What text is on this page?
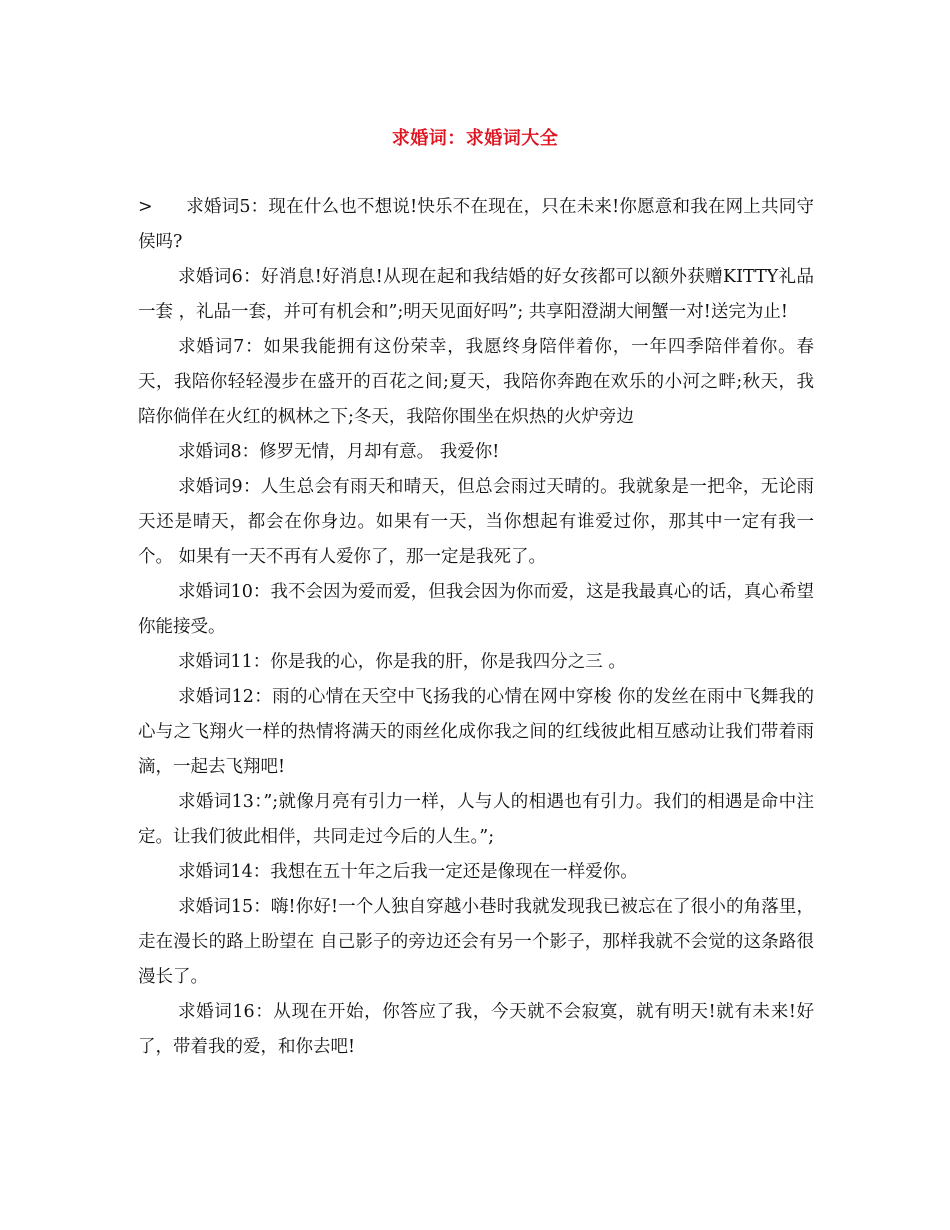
求婚词：求婚词大全

> 求婚词5：现在什么也不想说!快乐不在现在，只在未来!你愿意和我在网上共同守侯吗?

求婚词6：好消息!好消息!从现在起和我结婚的好女孩都可以额外获赠KITTY礼品一套 ，礼品一套，并可有机会和”;明天见面好吗”; 共享阳澄湖大闸蟹一对!送完为止!

求婚词7：如果我能拥有这份荣幸，我愿终身陪伴着你，一年四季陪伴着你。春天，我陪你轻轻漫步在盛开的百花之间;夏天，我陪你奔跑在欢乐的小河之畔;秋天，我陪你倘佯在火红的枫林之下;冬天，我陪你围坐在炽热的火炉旁边

求婚词8：修罗无情，月却有意。 我爱你!

求婚词9：人生总会有雨天和晴天，但总会雨过天晴的。我就象是一把伞，无论雨天还是晴天，都会在你身边。如果有一天，当你想起有谁爱过你，那其中一定有我一个。 如果有一天不再有人爱你了，那一定是我死了。

求婚词10：我不会因为爱而爱，但我会因为你而爱，这是我最真心的话，真心希望你能接受。

求婚词11：你是我的心，你是我的肝，你是我四分之三 。

求婚词12：雨的心情在天空中飞扬我的心情在网中穿梭 你的发丝在雨中飞舞我的心与之飞翔火一样的热情将满天的雨丝化成你我之间的红线彼此相互感动让我们带着雨滴，一起去飞翔吧!

求婚词13：”;就像月亮有引力一样，人与人的相遇也有引力。我们的相遇是命中注定。让我们彼此相伴，共同走过今后的人生。”;

求婚词14：我想在五十年之后我一定还是像现在一样爱你。

求婚词15：嗨!你好!一个人独自穿越小巷时我就发现我已被忘在了很小的角落里，走在漫长的路上盼望在 自己影子的旁边还会有另一个影子，那样我就不会觉的这条路很漫长了。

求婚词16：从现在开始，你答应了我，今天就不会寂寞，就有明天!就有未来!好了，带着我的爱，和你去吧!
